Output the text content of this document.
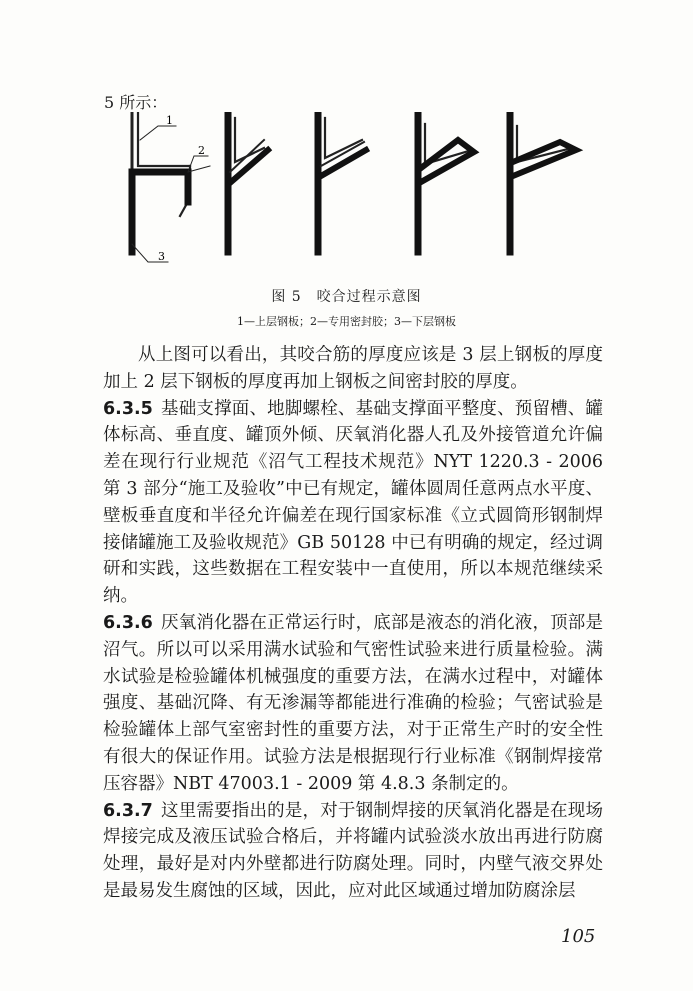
5 所示：
1
2
3
图 5　咬合过程示意图
1—上层钢板；2—专用密封胶；3—下层钢板

从上图可以看出，其咬合筋的厚度应该是 3 层上钢板的厚度加上 2 层下钢板的厚度再加上钢板之间密封胶的厚度。

6.3.5 基础支撑面、地脚螺栓、基础支撑面平整度、预留槽、罐体标高、垂直度、罐顶外倾、厌氧消化器人孔及外接管道允许偏差在现行行业规范《沼气工程技术规范》NYT 1220.3 - 2006 第 3 部分“施工及验收”中已有规定，罐体圆周任意两点水平度、壁板垂直度和半径允许偏差在现行国家标准《立式圆筒形钢制焊接储罐施工及验收规范》GB 50128 中已有明确的规定，经过调研和实践，这些数据在工程安装中一直使用，所以本规范继续采纳。

6.3.6 厌氧消化器在正常运行时，底部是液态的消化液，顶部是沼气。所以可以采用满水试验和气密性试验来进行质量检验。满水试验是检验罐体机械强度的重要方法，在满水过程中，对罐体强度、基础沉降、有无渗漏等都能进行准确的检验；气密试验是检验罐体上部气室密封性的重要方法，对于正常生产时的安全性有很大的保证作用。试验方法是根据现行行业标准《钢制焊接常压容器》NBT 47003.1 - 2009 第 4.8.3 条制定的。

6.3.7 这里需要指出的是，对于钢制焊接的厌氧消化器是在现场焊接完成及液压试验合格后，并将罐内试验淡水放出再进行防腐处理，最好是对内外壁都进行防腐处理。同时，内壁气液交界处是最易发生腐蚀的区域，因此，应对此区域通过增加防腐涂层

105
